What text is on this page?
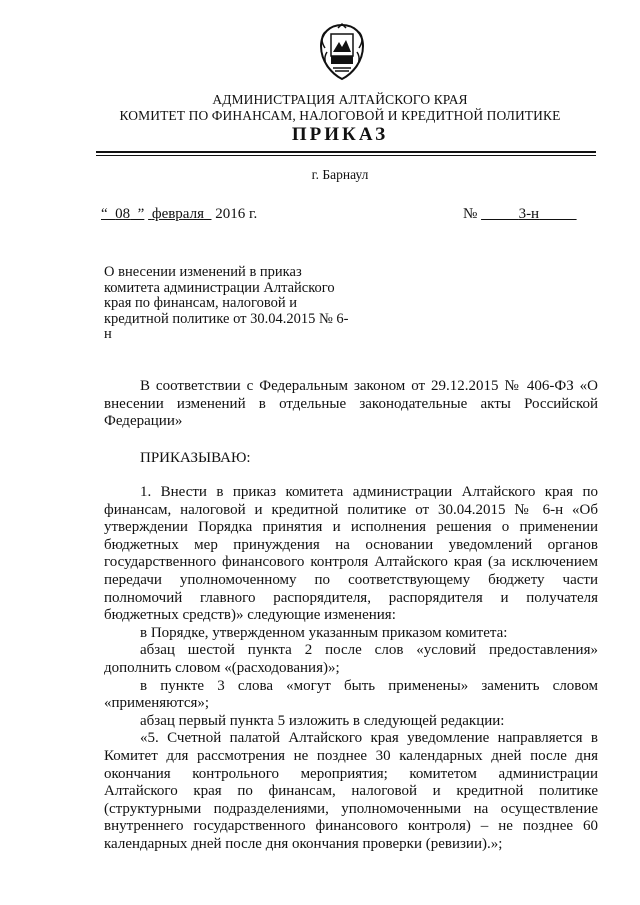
АДМИНИСТРАЦИЯ АЛТАЙСКОГО КРАЯ
КОМИТЕТ ПО ФИНАНСАМ, НАЛОГОВОЙ И КРЕДИТНОЙ ПОЛИТИКЕ
ПРИКАЗ
г. Барнаул
“  08  ” февраля 2016 г.	№	3-н
О внесении изменений в приказ комитета администрации Алтайского края по финансам, налоговой и кредитной политике от 30.04.2015 № 6-н
В соответствии с Федеральным законом от 29.12.2015 № 406-ФЗ «О внесении изменений в отдельные законодательные акты Российской Федерации»
ПРИКАЗЫВАЮ:

1. Внести в приказ комитета администрации Алтайского края по финансам, налоговой и кредитной политике от 30.04.2015 № 6-н «Об утверждении Порядка принятия и исполнения решения о применении бюджетных мер принуждения на основании уведомлений органов государственного финансового контроля Алтайского края (за исключением передачи уполномоченному по соответствующему бюджету части полномочий главного распорядителя, распорядителя и получателя бюджетных средств)» следующие изменения:

в Порядке, утвержденном указанным приказом комитета:

абзац шестой пункта 2 после слов «условий предоставления» дополнить словом «(расходования)»;

в пункте 3 слова «могут быть применены» заменить словом «применяются»;

абзац первый пункта 5 изложить в следующей редакции:

«5. Счетной палатой Алтайского края уведомление направляется в Комитет для рассмотрения не позднее 30 календарных дней после дня окончания контрольного мероприятия; комитетом администрации Алтайского края по финансам, налоговой и кредитной политике (структурными подразделениями, уполномоченными на осуществление внутреннего государственного финансового контроля) – не позднее 60 календарных дней после дня окончания проверки (ревизии).»;
